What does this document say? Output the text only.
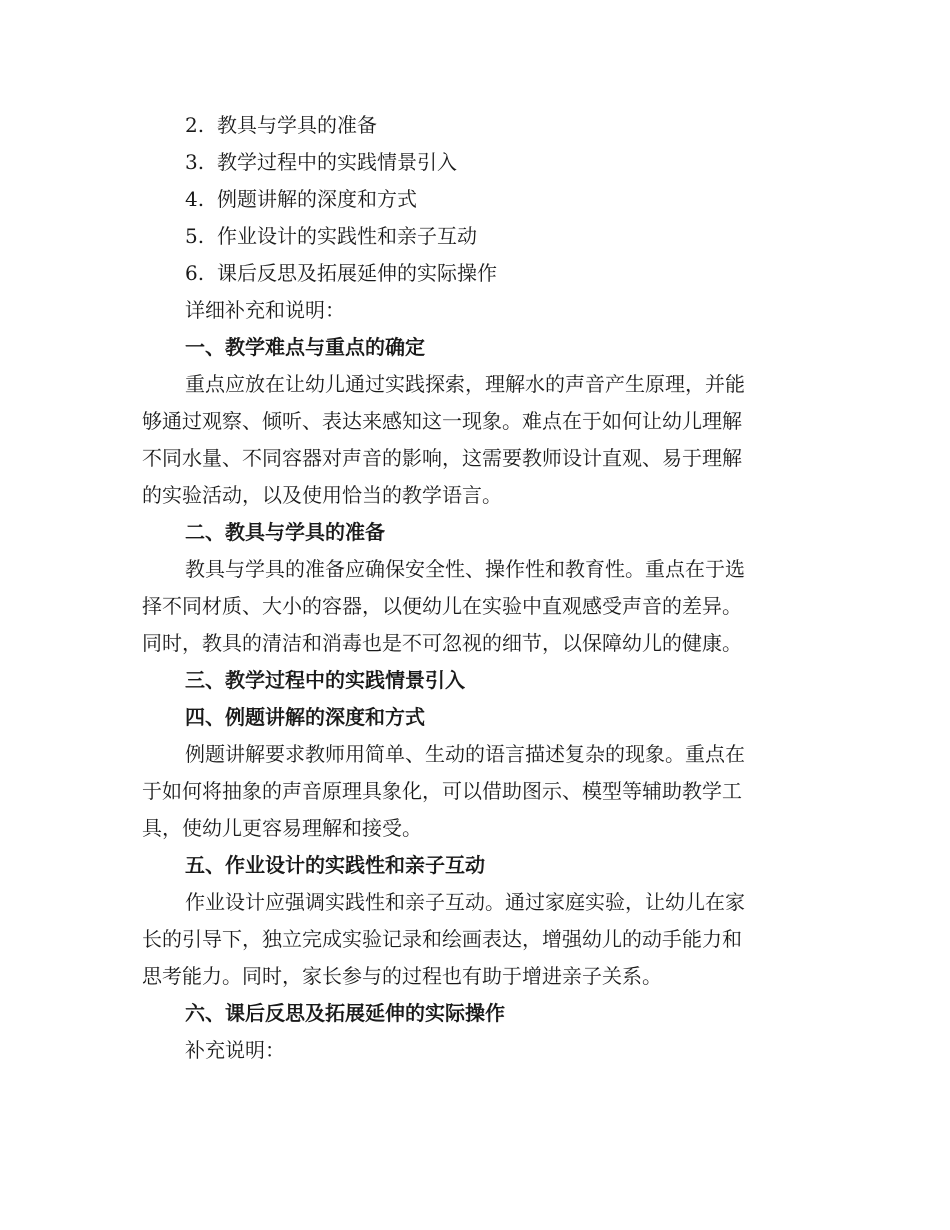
2. 教具与学具的准备
3. 教学过程中的实践情景引入
4. 例题讲解的深度和方式
5. 作业设计的实践性和亲子互动
6. 课后反思及拓展延伸的实际操作
详细补充和说明：
一、教学难点与重点的确定
重点应放在让幼儿通过实践探索，理解水的声音产生原理，并能
够通过观察、倾听、表达来感知这一现象。难点在于如何让幼儿理解
不同水量、不同容器对声音的影响，这需要教师设计直观、易于理解
的实验活动，以及使用恰当的教学语言。
二、教具与学具的准备
教具与学具的准备应确保安全性、操作性和教育性。重点在于选
择不同材质、大小的容器，以便幼儿在实验中直观感受声音的差异。
同时，教具的清洁和消毒也是不可忽视的细节，以保障幼儿的健康。
三、教学过程中的实践情景引入
四、例题讲解的深度和方式
例题讲解要求教师用简单、生动的语言描述复杂的现象。重点在
于如何将抽象的声音原理具象化，可以借助图示、模型等辅助教学工
具，使幼儿更容易理解和接受。
五、作业设计的实践性和亲子互动
作业设计应强调实践性和亲子互动。通过家庭实验，让幼儿在家
长的引导下，独立完成实验记录和绘画表达，增强幼儿的动手能力和
思考能力。同时，家长参与的过程也有助于增进亲子关系。
六、课后反思及拓展延伸的实际操作
补充说明：
